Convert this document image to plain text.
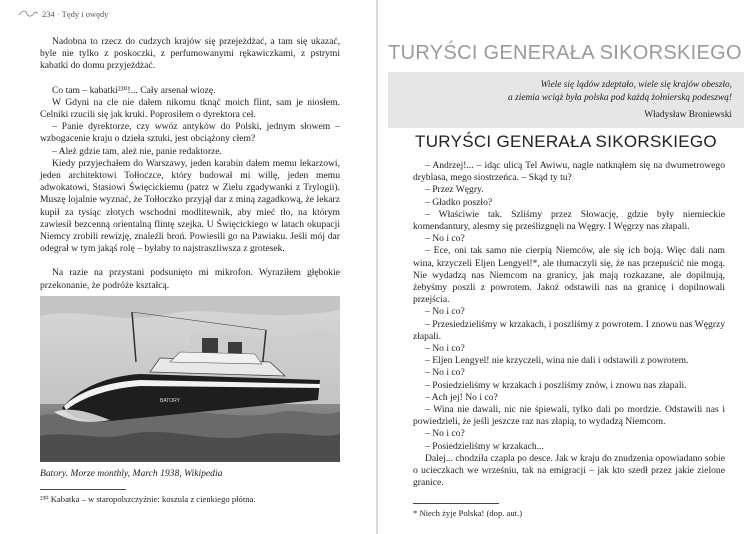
234 · Tędy i owędy

Nadobna to rzecz do cudzych krajów się przejeżdżać, a tam się ukazać, byle nie tylko z poskoczki, z perfumowanymi rękawiczkami, z pstrymi kabatki do domu przyjeżdżać.

Co tam – kabatki²³⁰!... Cały arsenał wiozę.

W Gdyni na cle nie dałem nikomu tknąć moich flint, sam je niosłem. Celniki rzucili się jak kruki. Poprosiłem o dyrektora ceł.

– Panie dyrektorze, czy wwóz antyków do Polski, jednym słowem – wzbogacenie kraju o dzieła sztuki, jest obciążony cłem?

– Ależ gdzie tam, ależ nie, panie redaktorze.

Kiedy przyjechałem do Warszawy, jeden karabin dałem memu lekarzowi, jeden architektowi Tołłoczce, który budował mi willę, jeden memu adwokatowi, Stasiowi Święcickiemu (patrz w Zielu zgadywanki z Trylogii). Muszę lojalnie wyznać, że Tołłoczko przyjął dar z miną zagadkową, że lekarz kupił za tysiąc złotych wschodni modlitewnik, aby mieć tło, na którym zawiesił bezcenną orientalną flintę szejka. U Święcickiego w latach okupacji Niemcy zrobili rewizję, znaleźli broń. Powiesili go na Pawiaku. Jeśli mój dar odegrał w tym jakąś rolę – byłaby to najstraszliwsza z grotesek.

Na razie na przystani podsunięto mi mikrofon. Wyraziłem głębokie przekonanie, że podróże kształcą.

BATORY
Batory. Morze monthly, March 1938, Wikipedia
²³⁰ Kabatka – w staropolszczyźnie: koszula z cienkiego płótna.
TURYŚCI GENERAŁA SIKORSKIEGO
Wiele się lądów zdeptało, wiele się krajów obeszło,
a ziemia wciąż była polska pod każdą żołnierską podeszwą!
Władysław Broniewski
TURYŚCI GENERAŁA SIKORSKIEGO

– Andrzej!... – idąc ulicą Tel Awiwu, nagle natknąłem się na dwumetrowego dryblasa, mego siostrzeńca. – Skąd ty tu?

– Przez Węgry.

– Gładko poszło?

– Właściwie tak. Szliśmy przez Słowację, gdzie były niemieckie komendantury, alesmy się prześlizgnęli na Węgry. I Węgrzy nas złapali.

– No i co?

– Ece, oni tak samo nie cierpią Niemców, ale się ich boją. Więc dali nam wina, krzyczeli Eljen Lengyel!*, ale tłumaczyli się, że nas przepuścić nie mogą. Nie wydadzą nas Niemcom na granicy, jak mają rozkazane, ale dopilnują, żebyśmy poszli z powrotem. Jakoż odstawili nas na granicę i dopilnowali przejścia.

– No i co?

– Przesiedzieliśmy w krzakach, i poszliśmy z powrotem. I znowu nas Węgrzy złapali.

– No i co?

– Eljen Lengyel! nie krzyczeli, wina nie dali i odstawili z powrotem.

– No i co?

– Posiedzieliśmy w krzakach i poszliśmy znów, i znowu nas złapali.

– Ach jej! No i co?

– Wina nie dawali, nic nie śpiewali, tylko dali po mordzie. Odstawili nas i powiedzieli, że jeśli jeszcze raz nas złapią, to wydadzą Niemcom.

– No i co?

– Posiedzieliśmy w krzakach...

Dalej... chodziła czapla po desce. Jak w kraju do znudzenia opowiadano sobie o ucieczkach we wrześniu, tak na emigracji – jak kto szedł przez jakie zielone granice.

* Niech żyje Polska! (dop. aut.)
